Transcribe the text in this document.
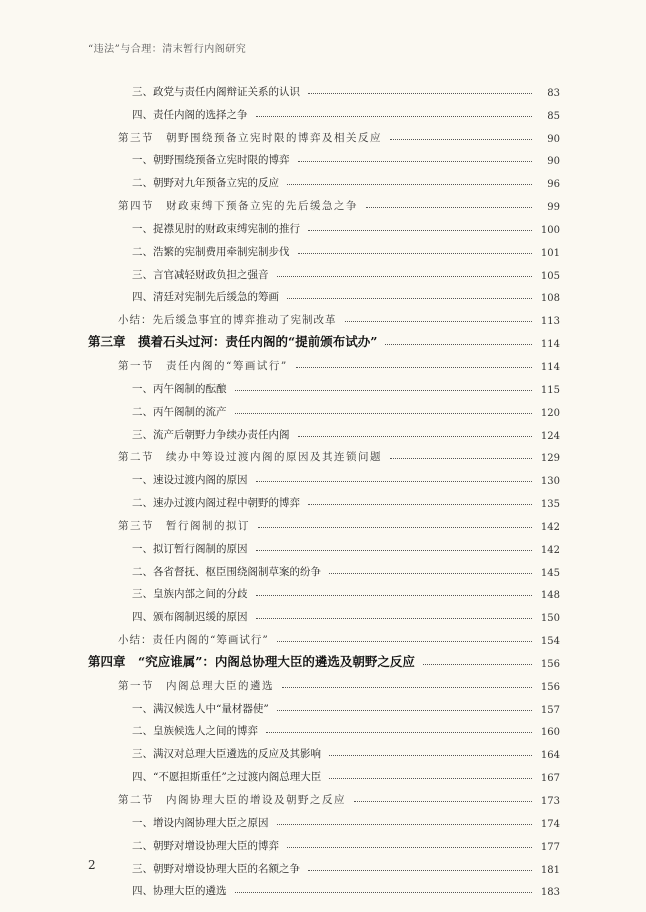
“违法”与合理：清末暂行内阁研究
三、政党与责任内阁辩证关系的认识	83
四、责任内阁的选择之争	85
第三节　朝野围绕预备立宪时限的博弈及相关反应	90
一、朝野围绕预备立宪时限的博弈	90
二、朝野对九年预备立宪的反应	96
第四节　财政束缚下预备立宪的先后缓急之争	99
一、捉襟见肘的财政束缚宪制的推行	100
二、浩繁的宪制费用牵制宪制步伐	101
三、言官减轻财政负担之强音	105
四、清廷对宪制先后缓急的筹画	108
小结：先后缓急事宜的博弈推动了宪制改革	113
第三章　摸着石头过河：责任内阁的“提前颁布试办”	114
第一节　责任内阁的“筹画试行”	114
一、丙午阁制的酝酿	115
二、丙午阁制的流产	120
三、流产后朝野力争续办责任内阁	124
第二节　续办中筹设过渡内阁的原因及其连锁问题	129
一、速设过渡内阁的原因	130
二、速办过渡内阁过程中朝野的博弈	135
第三节　暂行阁制的拟订	142
一、拟订暂行阁制的原因	142
二、各省督抚、枢臣围绕阁制草案的纷争	145
三、皇族内部之间的分歧	148
四、颁布阁制迟缓的原因	150
小结：责任内阁的“筹画试行”	154
第四章　“究应谁属”：内阁总协理大臣的遴选及朝野之反应	156
第一节　内阁总理大臣的遴选	156
一、满汉候选人中“量材器使”	157
二、皇族候选人之间的博弈	160
三、满汉对总理大臣遴选的反应及其影响	164
四、“不愿担斯重任”之过渡内阁总理大臣	167
第二节　内阁协理大臣的增设及朝野之反应	173
一、增设内阁协理大臣之原因	174
二、朝野对增设协理大臣的博弈	177
三、朝野对增设协理大臣的名额之争	181
四、协理大臣的遴选	183
2
